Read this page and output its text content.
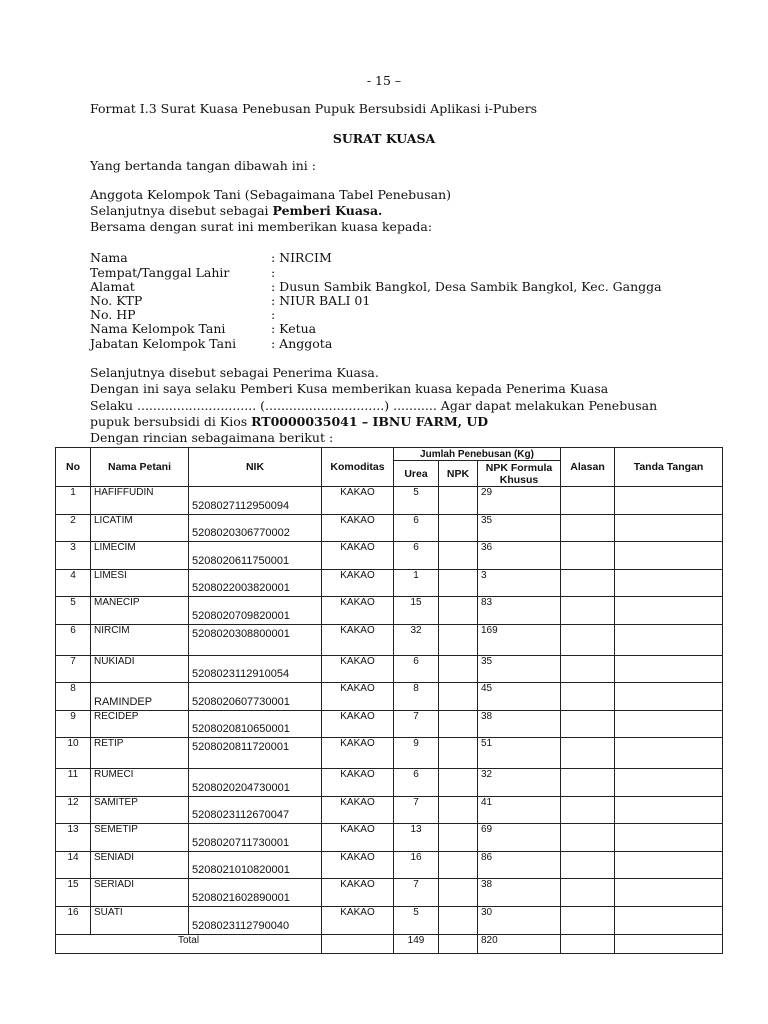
- 15 –
Format I.3 Surat Kuasa Penebusan Pupuk Bersubsidi Aplikasi i-Pubers
SURAT KUASA
Yang bertanda tangan dibawah ini :
Anggota Kelompok Tani (Sebagaimana Tabel Penebusan)
Selanjutnya disebut sebagai Pemberi Kuasa.
Bersama dengan surat ini memberikan kuasa kepada:
Nama	: NIRCIM
Tempat/Tanggal Lahir	:
Alamat	: Dusun Sambik Bangkol, Desa Sambik Bangkol, Kec. Gangga
No. KTP	: NIUR BALI 01
No. HP	:
Nama Kelompok Tani	: Ketua
Jabatan Kelompok Tani	: Anggota
Selanjutnya disebut sebagai Penerima Kuasa.
Dengan ini saya selaku Pemberi Kusa memberikan kuasa kepada Penerima Kuasa
Selaku .............................. (..............................) ........... Agar dapat melakukan Penebusan
pupuk bersubsidi di Kios RT0000035041 – IBNU FARM, UD
Dengan rincian sebagaimana berikut :
No	Nama Petani	NIK	Komoditas	Jumlah Penebusan (Kg)			Alasan	Tanda Tangan
				Urea	NPK	NPK Formula Khusus		
1	HAFIFFUDIN	5208027112950094	KAKAO	5		29		
2	LICATIM	5208020306770002	KAKAO	6		35		
3	LIMECIM	5208020611750001	KAKAO	6		36		
4	LIMESI	5208022003820001	KAKAO	1		3		
5	MANECIP	5208020709820001	KAKAO	15		83		
6	NIRCIM	5208020308800001	KAKAO	32		169		
7	NUKIADI	5208023112910054	KAKAO	6		35		
8	RAMINDEP	5208020607730001	KAKAO	8		45		
9	RECIDEP	5208020810650001	KAKAO	7		38		
10	RETIP	5208020811720001	KAKAO	9		51		
11	RUMECI	5208020204730001	KAKAO	6		32		
12	SAMITEP	5208023112670047	KAKAO	7		41		
13	SEMETIP	5208020711730001	KAKAO	13		69		
14	SENIADI	5208021010820001	KAKAO	16		86		
15	SERIADI	5208021602890001	KAKAO	7		38		
16	SUATI	5208023112790040	KAKAO	5		30		
Total				149		820		
